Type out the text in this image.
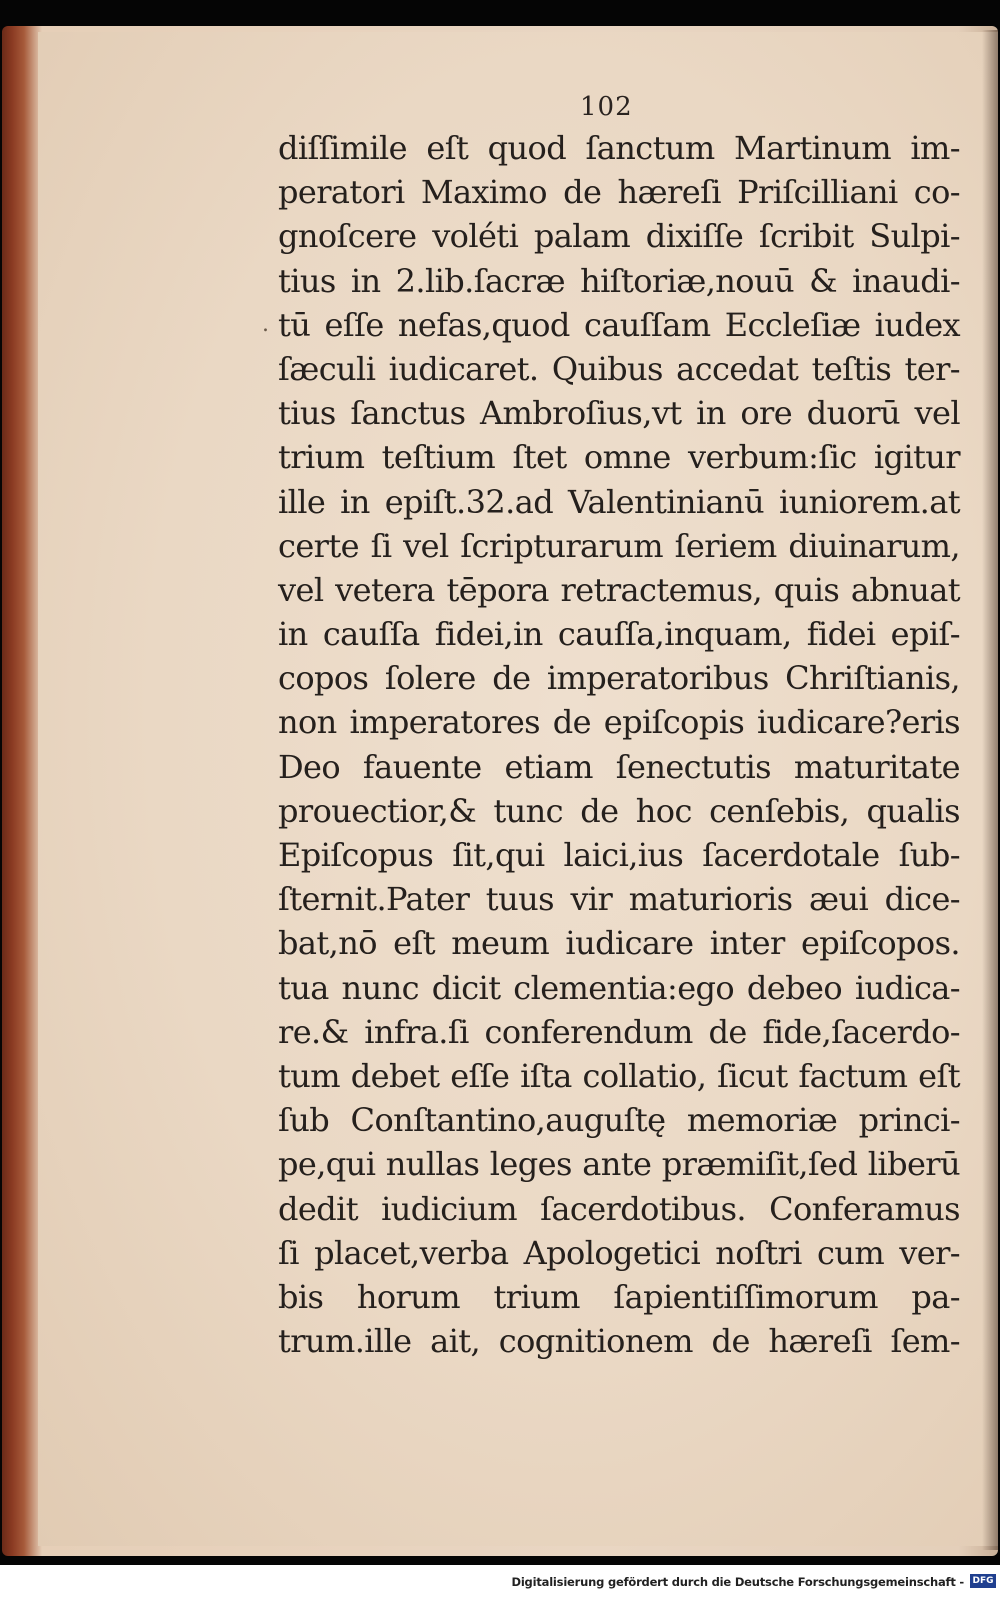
102
.
diſſimile eſt quod ſanctum Martinum im-
peratori Maximo de hæreſi Priſcilliani co-
gnoſcere voléti palam dixiſſe ſcribit Sulpi-
tius in 2.lib.ſacræ hiſtoriæ,nouū & inaudi-
tū eſſe nefas,quod cauſſam Eccleſiæ iudex
ſæculi iudicaret. Quibus accedat teſtis ter-
tius ſanctus Ambroſius,vt in ore duorū vel
trium teſtium ſtet omne verbum:ſic igitur
ille in epiſt.32.ad Valentinianū iuniorem.at
certe ſi vel ſcripturarum ſeriem diuinarum,
vel vetera tēpora retractemus, quis abnuat
in cauſſa fidei,in cauſſa,inquam, fidei epiſ-
copos ſolere de imperatoribus Chriſtianis,
non imperatores de epiſcopis iudicare?eris
Deo fauente etiam ſenectutis maturitate
prouectior,& tunc de hoc cenſebis, qualis
Epiſcopus ſit,qui laici,ius ſacerdotale ſub-
ſternit.Pater tuus vir maturioris æui dice-
bat,nō eſt meum iudicare inter epiſcopos.
tua nunc dicit clementia:ego debeo iudica-
re.& infra.ſi conferendum de fide,ſacerdo-
tum debet eſſe iſta collatio, ſicut factum eſt
ſub Conſtantino,auguſtę memoriæ princi-
pe,qui nullas leges ante præmiſit,ſed liberū
dedit iudicium ſacerdotibus. Conferamus
ſi placet,verba Apologetici noſtri cum ver-
bis horum trium ſapientiſſimorum pa-
trum.ille ait, cognitionem de hæreſi ſem-
Digitalisierung gefördert durch die Deutsche Forschungsgemeinschaft - DFG
